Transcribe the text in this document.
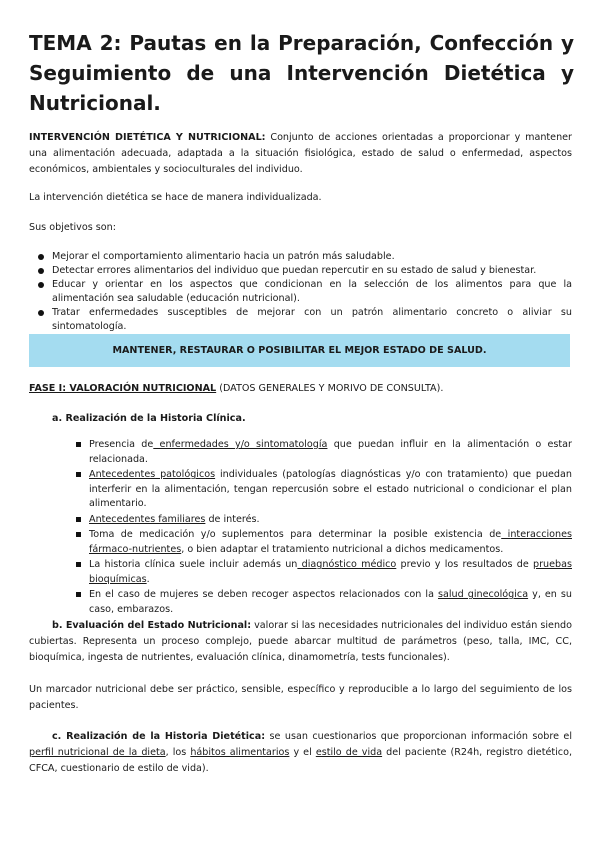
TEMA 2: Pautas en la Preparación, Confección y Seguimiento de una Intervención Dietética y Nutricional.

INTERVENCIÓN DIETÉTICA Y NUTRICIONAL: Conjunto de acciones orientadas a proporcionar y mantener una alimentación adecuada, adaptada a la situación fisiológica, estado de salud o enfermedad, aspectos económicos, ambientales y socioculturales del individuo.

La intervención dietética se hace de manera individualizada.

Sus objetivos son:

Mejorar el comportamiento alimentario hacia un patrón más saludable.
Detectar errores alimentarios del individuo que puedan repercutir en su estado de salud y bienestar.
Educar y orientar en los aspectos que condicionan en la selección de los alimentos para que la alimentación sea saludable (educación nutricional).
Tratar enfermedades susceptibles de mejorar con un patrón alimentario concreto o aliviar su sintomatología.
MANTENER, RESTAURAR O POSIBILITAR EL MEJOR ESTADO DE SALUD.

FASE I: VALORACIÓN NUTRICIONAL (DATOS GENERALES Y MORIVO DE CONSULTA).

a. Realización de la Historia Clínica.

Presencia de enfermedades y/o sintomatología que puedan influir en la alimentación o estar relacionada.
Antecedentes patológicos individuales (patologías diagnósticas y/o con tratamiento) que puedan interferir en la alimentación, tengan repercusión sobre el estado nutricional o condicionar el plan alimentario.
Antecedentes familiares de interés.
Toma de medicación y/o suplementos para determinar la posible existencia de interacciones fármaco-nutrientes, o bien adaptar el tratamiento nutricional a dichos medicamentos.
La historia clínica suele incluir además un diagnóstico médico previo y los resultados de pruebas bioquímicas.
En el caso de mujeres se deben recoger aspectos relacionados con la salud ginecológica y, en su caso, embarazos.

b. Evaluación del Estado Nutricional: valorar si las necesidades nutricionales del individuo están siendo cubiertas. Representa un proceso complejo, puede abarcar multitud de parámetros (peso, talla, IMC, CC, bioquímica, ingesta de nutrientes, evaluación clínica, dinamometría, tests funcionales).

Un marcador nutricional debe ser práctico, sensible, específico y reproducible a lo largo del seguimiento de los pacientes.

c. Realización de la Historia Dietética: se usan cuestionarios que proporcionan información sobre el perfil nutricional de la dieta, los hábitos alimentarios y el estilo de vida del paciente (R24h, registro dietético, CFCA, cuestionario de estilo de vida).
